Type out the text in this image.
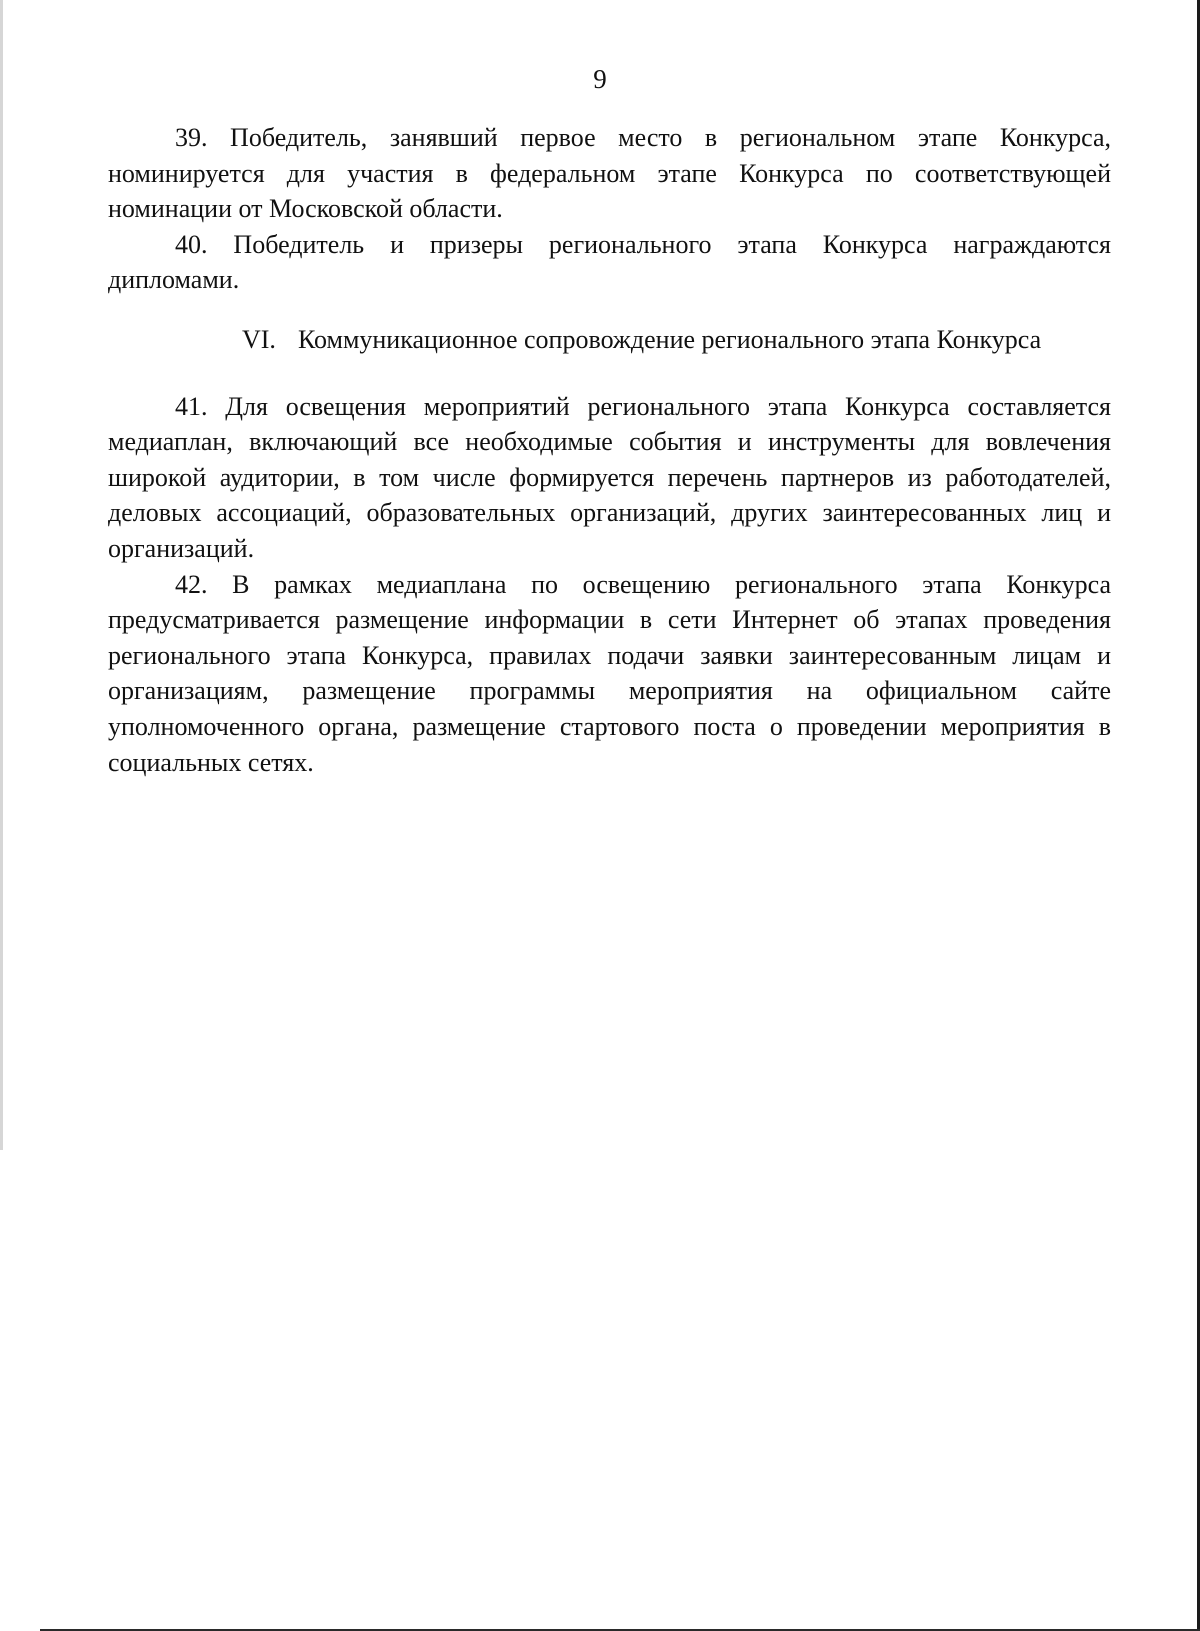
9

39. Победитель, занявший первое место в региональном этапе Конкурса, номинируется для участия в федеральном этапе Конкурса по соответствующей номинации от Московской области.

40. Победитель и призеры регионального этапа Конкурса награждаются дипломами.

VI. Коммуникационное сопровождение регионального этапа Конкурса

41. Для освещения мероприятий регионального этапа Конкурса составляется медиаплан, включающий все необходимые события и инструменты для вовлечения широкой аудитории, в том числе формируется перечень партнеров из работодателей, деловых ассоциаций, образовательных организаций, других заинтересованных лиц и организаций.

42. В рамках медиаплана по освещению регионального этапа Конкурса предусматривается размещение информации в сети Интернет об этапах проведения регионального этапа Конкурса, правилах подачи заявки заинтересованным лицам и организациям, размещение программы мероприятия на официальном сайте уполномоченного органа, размещение стартового поста о проведении мероприятия в социальных сетях.
